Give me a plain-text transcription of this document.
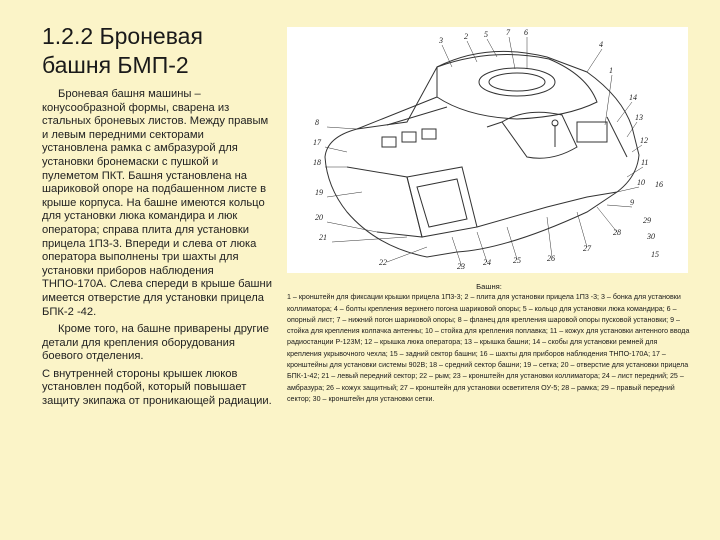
1.2.2 Броневая
башня БМП-2

Броневая башня машины – конусообразной формы, сварена из стальных броневых листов. Между правым и левым передними секторами установлена рамка с амбразурой для установки бронемаски с пушкой и пулеметом ПКТ. Башня установлена на шариковой опоре на подбашенном листе в крыше корпуса. На башне имеются кольцо для установки люка командира и люк оператора; справа плита для установки прицела 1П3-3. Впереди и слева от люка оператора выполнены три шахты для установки приборов наблюдения ТНПО-170А. Слева спереди в крыше башни имеется отверстие для установки прицела БПК-2 -42.

Кроме того, на башне приварены другие детали для крепления оборудования боевого отделения.

С внутренней стороны крышек люков установлен подбой, который повышает защиту экипажа от проникающей радиации.

3	2 5 7 6
4
1
14
13
12
11
10
9
8
17
18
19
20
21
22	23 24	25	26
27
28
29
30
15
16
Башня:
1 – кронштейн для фиксации крышки прицела 1П3-3; 2 – плита для установки прицела 1П3 -3; 3 – бонка для установки коллиматора; 4 – болты крепления верхнего погона шариковой опоры; 5 – кольцо для установки люка командира; 6 – опорный лист; 7 – нижний погон шариковой опоры; 8 – фланец для крепления шаровой опоры пусковой установки; 9 – стойка для крепления колпачка антенны; 10 – стойка для крепления поплавка; 11 – кожух для установки антенного ввода радиостанции Р-123М; 12 – крышка люка оператора; 13 – крышка башни; 14 – скобы для установки ремней для крепления укрывочного чехла; 15 – задний сектор башни; 16 – шахты для приборов наблюдения ТНПО-170А; 17 – кронштейны для установки системы 902В; 18 – средний сектор башни; 19 – сетка; 20 – отверстие для установки прицела БПК-1-42; 21 – левый передний сектор; 22 – рым; 23 – кронштейн для установки коллиматора; 24 – лист передний; 25 – амбразура; 26 – кожух защитный; 27 – кронштейн для установки осветителя ОУ-5; 28 – рамка; 29 – правый передний сектор; 30 – кронштейн для установки сетки.
